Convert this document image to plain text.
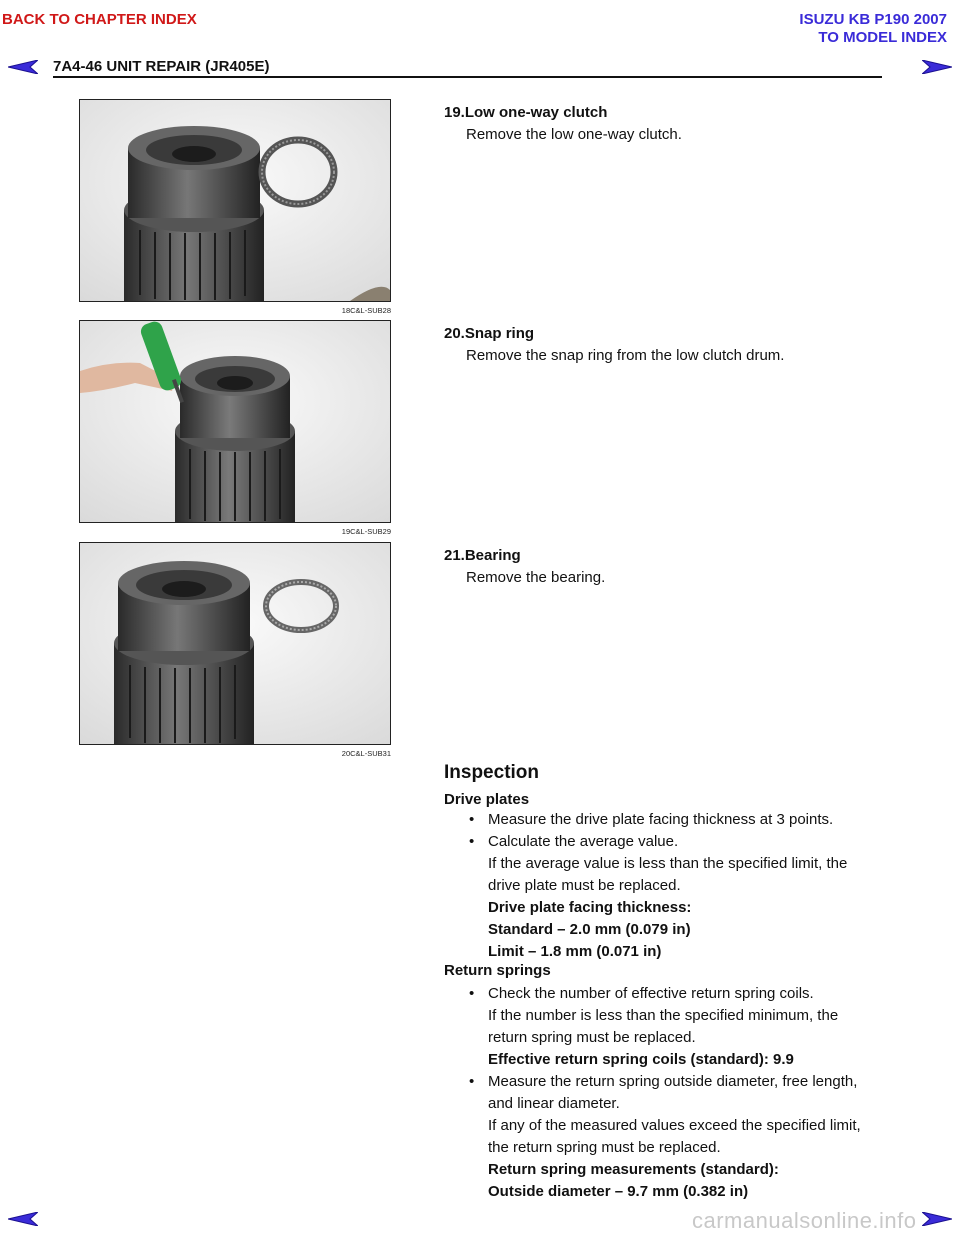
BACK TO CHAPTER INDEX	ISUZU KB P190 2007
TO MODEL INDEX
7A4-46 UNIT REPAIR (JR405E)
18C&L-SUB28
19C&L-SUB29
20C&L-SUB31
19.Low one-way clutch
Remove the low one-way clutch.
20.Snap ring
Remove the snap ring from the low clutch drum.
21.Bearing
Remove the bearing.
Inspection
Drive plates
• Measure the drive plate facing thickness at 3 points.
• Calculate the average value.
If the average value is less than the specified limit, the
drive plate must be replaced.
Drive plate facing thickness:
Standard – 2.0 mm (0.079 in)
Limit – 1.8 mm (0.071 in)
Return springs
• Check the number of effective return spring coils.
If the number is less than the specified minimum, the
return spring must be replaced.
Effective return spring coils (standard): 9.9
• Measure the return spring outside diameter, free length,
and linear diameter.
If any of the measured values exceed the specified limit,
the return spring must be replaced.
Return spring measurements (standard):
Outside diameter – 9.7 mm (0.382 in)
carmanualsonline.info
